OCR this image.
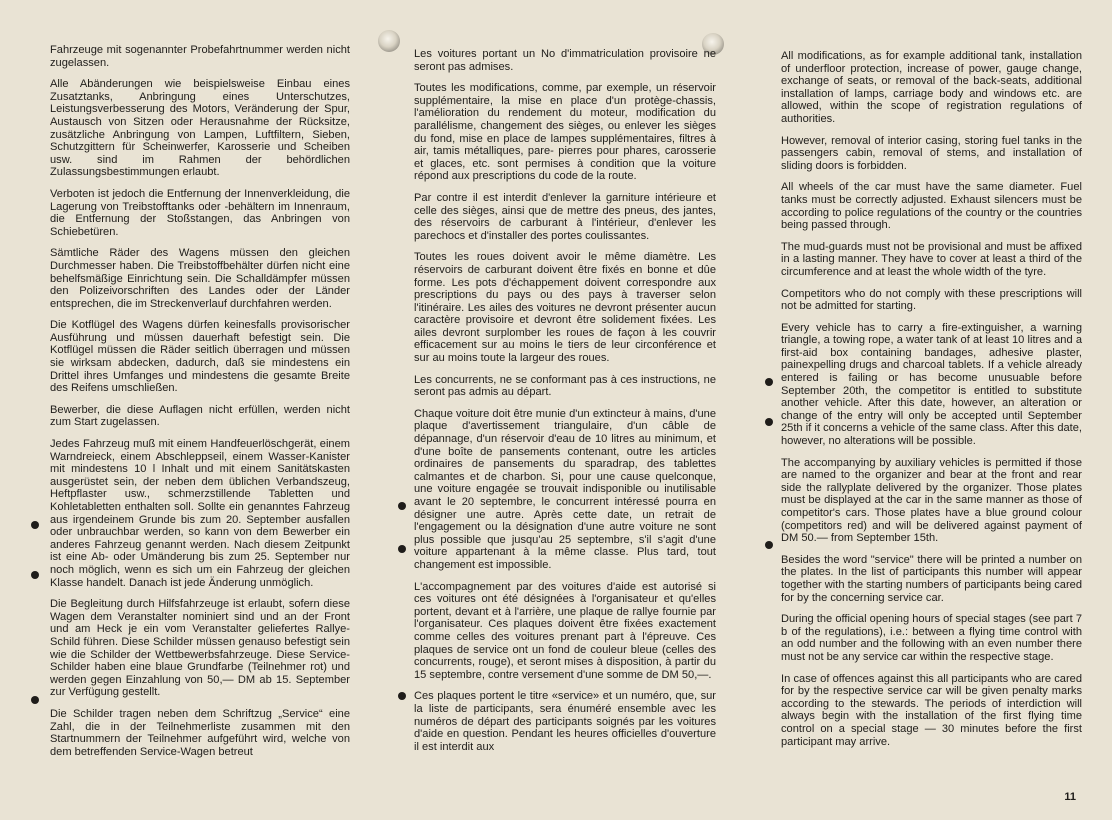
Fahrzeuge mit sogenannter Probefahrtnummer werden nicht zugelassen.

Alle Abänderungen wie beispielsweise Einbau eines Zusatztanks, Anbringung eines Unterschutzes, Leistungsverbesserung des Motors, Veränderung der Spur, Austausch von Sitzen oder Herausnahme der Rücksitze, zusätzliche Anbringung von Lampen, Luftfiltern, Sieben, Schutzgittern für Scheinwerfer, Karosserie und Scheiben usw. sind im Rahmen der behördlichen Zulassungsbestimmungen erlaubt.

Verboten ist jedoch die Entfernung der Innenverkleidung, die Lagerung von Treibstofftanks oder -behältern im Innenraum, die Entfernung der Stoßstangen, das Anbringen von Schiebetüren.

Sämtliche Räder des Wagens müssen den gleichen Durchmesser haben. Die Treibstoffbehälter dürfen nicht eine behelfsmäßige Einrichtung sein. Die Schalldämpfer müssen den Polizeivorschriften des Landes oder der Länder entsprechen, die im Streckenverlauf durchfahren werden.

Die Kotflügel des Wagens dürfen keinesfalls provisorischer Ausführung und müssen dauerhaft befestigt sein. Die Kotflügel müssen die Räder seitlich überragen und müssen sie wirksam abdecken, dadurch, daß sie mindestens ein Drittel ihres Umfanges und mindestens die gesamte Breite des Reifens umschließen.

Bewerber, die diese Auflagen nicht erfüllen, werden nicht zum Start zugelassen.

Jedes Fahrzeug muß mit einem Handfeuerlöschgerät, einem Warndreieck, einem Abschleppseil, einem Wasser-Kanister mit mindestens 10 l Inhalt und mit einem Sanitätskasten ausgerüstet sein, der neben dem üblichen Verbandszeug, Heftpflaster usw., schmerzstillende Tabletten und Kohletabletten enthalten soll. Sollte ein genanntes Fahrzeug aus irgendeinem Grunde bis zum 20. September ausfallen oder unbrauchbar werden, so kann von dem Bewerber ein anderes Fahrzeug genannt werden. Nach diesem Zeitpunkt ist eine Ab- oder Umänderung bis zum 25. September nur noch möglich, wenn es sich um ein Fahrzeug der gleichen Klasse handelt. Danach ist jede Änderung unmöglich.

Die Begleitung durch Hilfsfahrzeuge ist erlaubt, sofern diese Wagen dem Veranstalter nominiert sind und an der Front und am Heck je ein vom Veranstalter geliefertes Rallye-Schild führen. Diese Schilder müssen genauso befestigt sein wie die Schilder der Wettbewerbsfahrzeuge. Diese Service-Schilder haben eine blaue Grundfarbe (Teilnehmer rot) und werden gegen Einzahlung von 50,— DM ab 15. September zur Verfügung gestellt.

Die Schilder tragen neben dem Schriftzug „Service“ eine Zahl, die in der Teilnehmerliste zusammen mit den Startnummern der Teilnehmer aufgeführt wird, welche von dem betreffenden Service-Wagen betreut

Les voitures portant un No d'immatriculation provisoire ne seront pas admises.

Toutes les modifications, comme, par exemple, un réservoir supplémentaire, la mise en place d'un protège-chassis, l'amélioration du rendement du moteur, modification du parallélisme, changement des sièges, ou enlever les sièges du fond, mise en place de lampes supplémentaires, filtres à air, tamis métalliques, pare- pierres pour phares, carosserie et glaces, etc. sont permises à condition que la voiture répond aux prescriptions du code de la route.

Par contre il est interdit d'enlever la garniture intérieure et celle des sièges, ainsi que de mettre des pneus, des jantes, des réservoirs de carburant à l'intérieur, d'enlever les parechocs et d'installer des portes coulissantes.

Toutes les roues doivent avoir le même diamètre. Les réservoirs de carburant doivent être fixés en bonne et dûe forme. Les pots d'échappement doivent correspondre aux prescriptions du pays ou des pays à traverser selon l'itinéraire. Les ailes des voitures ne devront présenter aucun caractère provisoire et devront être solidement fixées. Les ailes devront surplomber les roues de façon à les couvrir efficacement sur au moins le tiers de leur circonférence et sur au moins toute la largeur des roues.

Les concurrents, ne se conformant pas à ces instructions, ne seront pas admis au départ.

Chaque voiture doit être munie d'un extincteur à mains, d'une plaque d'avertissement triangulaire, d'un câble de dépannage, d'un réservoir d'eau de 10 litres au minimum, et d'une boîte de pansements contenant, outre les articles ordinaires de pansements du sparadrap, des tablettes calmantes et de charbon. Si, pour une cause quelconque, une voiture engagée se trouvait indisponible ou inutilisable avant le 20 septembre, le concurrent intéressé pourra en désigner une autre. Après cette date, un retrait de l'engagement ou la désignation d'une autre voiture ne sont plus possible que jusqu'au 25 septembre, s'il s'agit d'une voiture appartenant à la même classe. Plus tard, tout changement est impossible.

L'accompagnement par des voitures d'aide est autorisé si ces voitures ont été désignées à l'organisateur et qu'elles portent, devant et à l'arrière, une plaque de rallye fournie par l'organisateur. Ces plaques doivent être fixées exactement comme celles des voitures prenant part à l'épreuve. Ces plaques de service ont un fond de couleur bleue (celles des concurrents, rouge), et seront mises à disposition, à partir du 15 septembre, contre versement d'une somme de DM 50,—.

Ces plaques portent le titre «service» et un numéro, que, sur la liste de participants, sera énuméré ensemble avec les numéros de départ des participants soignés par les voitures d'aide en question. Pendant les heures officielles d'ouverture il est interdit aux

All modifications, as for example additional tank, installation of underfloor protection, increase of power, gauge change, exchange of seats, or removal of the back-seats, additional installation of lamps, carriage body and windows etc. are allowed, within the scope of registration regulations of authorities.

However, removal of interior casing, storing fuel tanks in the passengers cabin, removal of stems, and installation of sliding doors is forbidden.

All wheels of the car must have the same diameter. Fuel tanks must be correctly adjusted. Exhaust silencers must be according to police regulations of the country or the countries being passed through.

The mud-guards must not be provisional and must be affixed in a lasting manner. They have to cover at least a third of the circumference and at least the whole width of the tyre.

Competitors who do not comply with these prescriptions will not be admitted for starting.

Every vehicle has to carry a fire-extinguisher, a warning triangle, a towing rope, a water tank of at least 10 litres and a first-aid box containing bandages, adhesive plaster, painexpelling drugs and charcoal tablets. If a vehicle already entered is failing or has become unusuable before September 20th, the competitor is entitled to substitute another vehicle. After this date, however, an alteration or change of the entry will only be accepted until September 25th if it concerns a vehicle of the same class. After this date, however, no alterations will be possible.

The accompanying by auxiliary vehicles is permitted if those are named to the organizer and bear at the front and rear side the rallyplate delivered by the organizer. Those plates must be displayed at the car in the same manner as those of competitor's cars. Those plates have a blue ground colour (competitors red) and will be delivered against payment of DM 50.— from September 15th.

Besides the word "service" there will be printed a number on the plates. In the list of participants this number will appear together with the starting numbers of participants being cared for by the concerning service car.

During the official opening hours of special stages (see part 7 b of the regulations), i.e.: between a flying time control with an odd number and the following with an even number there must not be any service car within the respective stage.

In case of offences against this all participants who are cared for by the respective service car will be given penalty marks according to the stewards. The periods of interdiction will always begin with the installation of the first flying time control on a special stage — 30 minutes before the first participant may arrive.

11
